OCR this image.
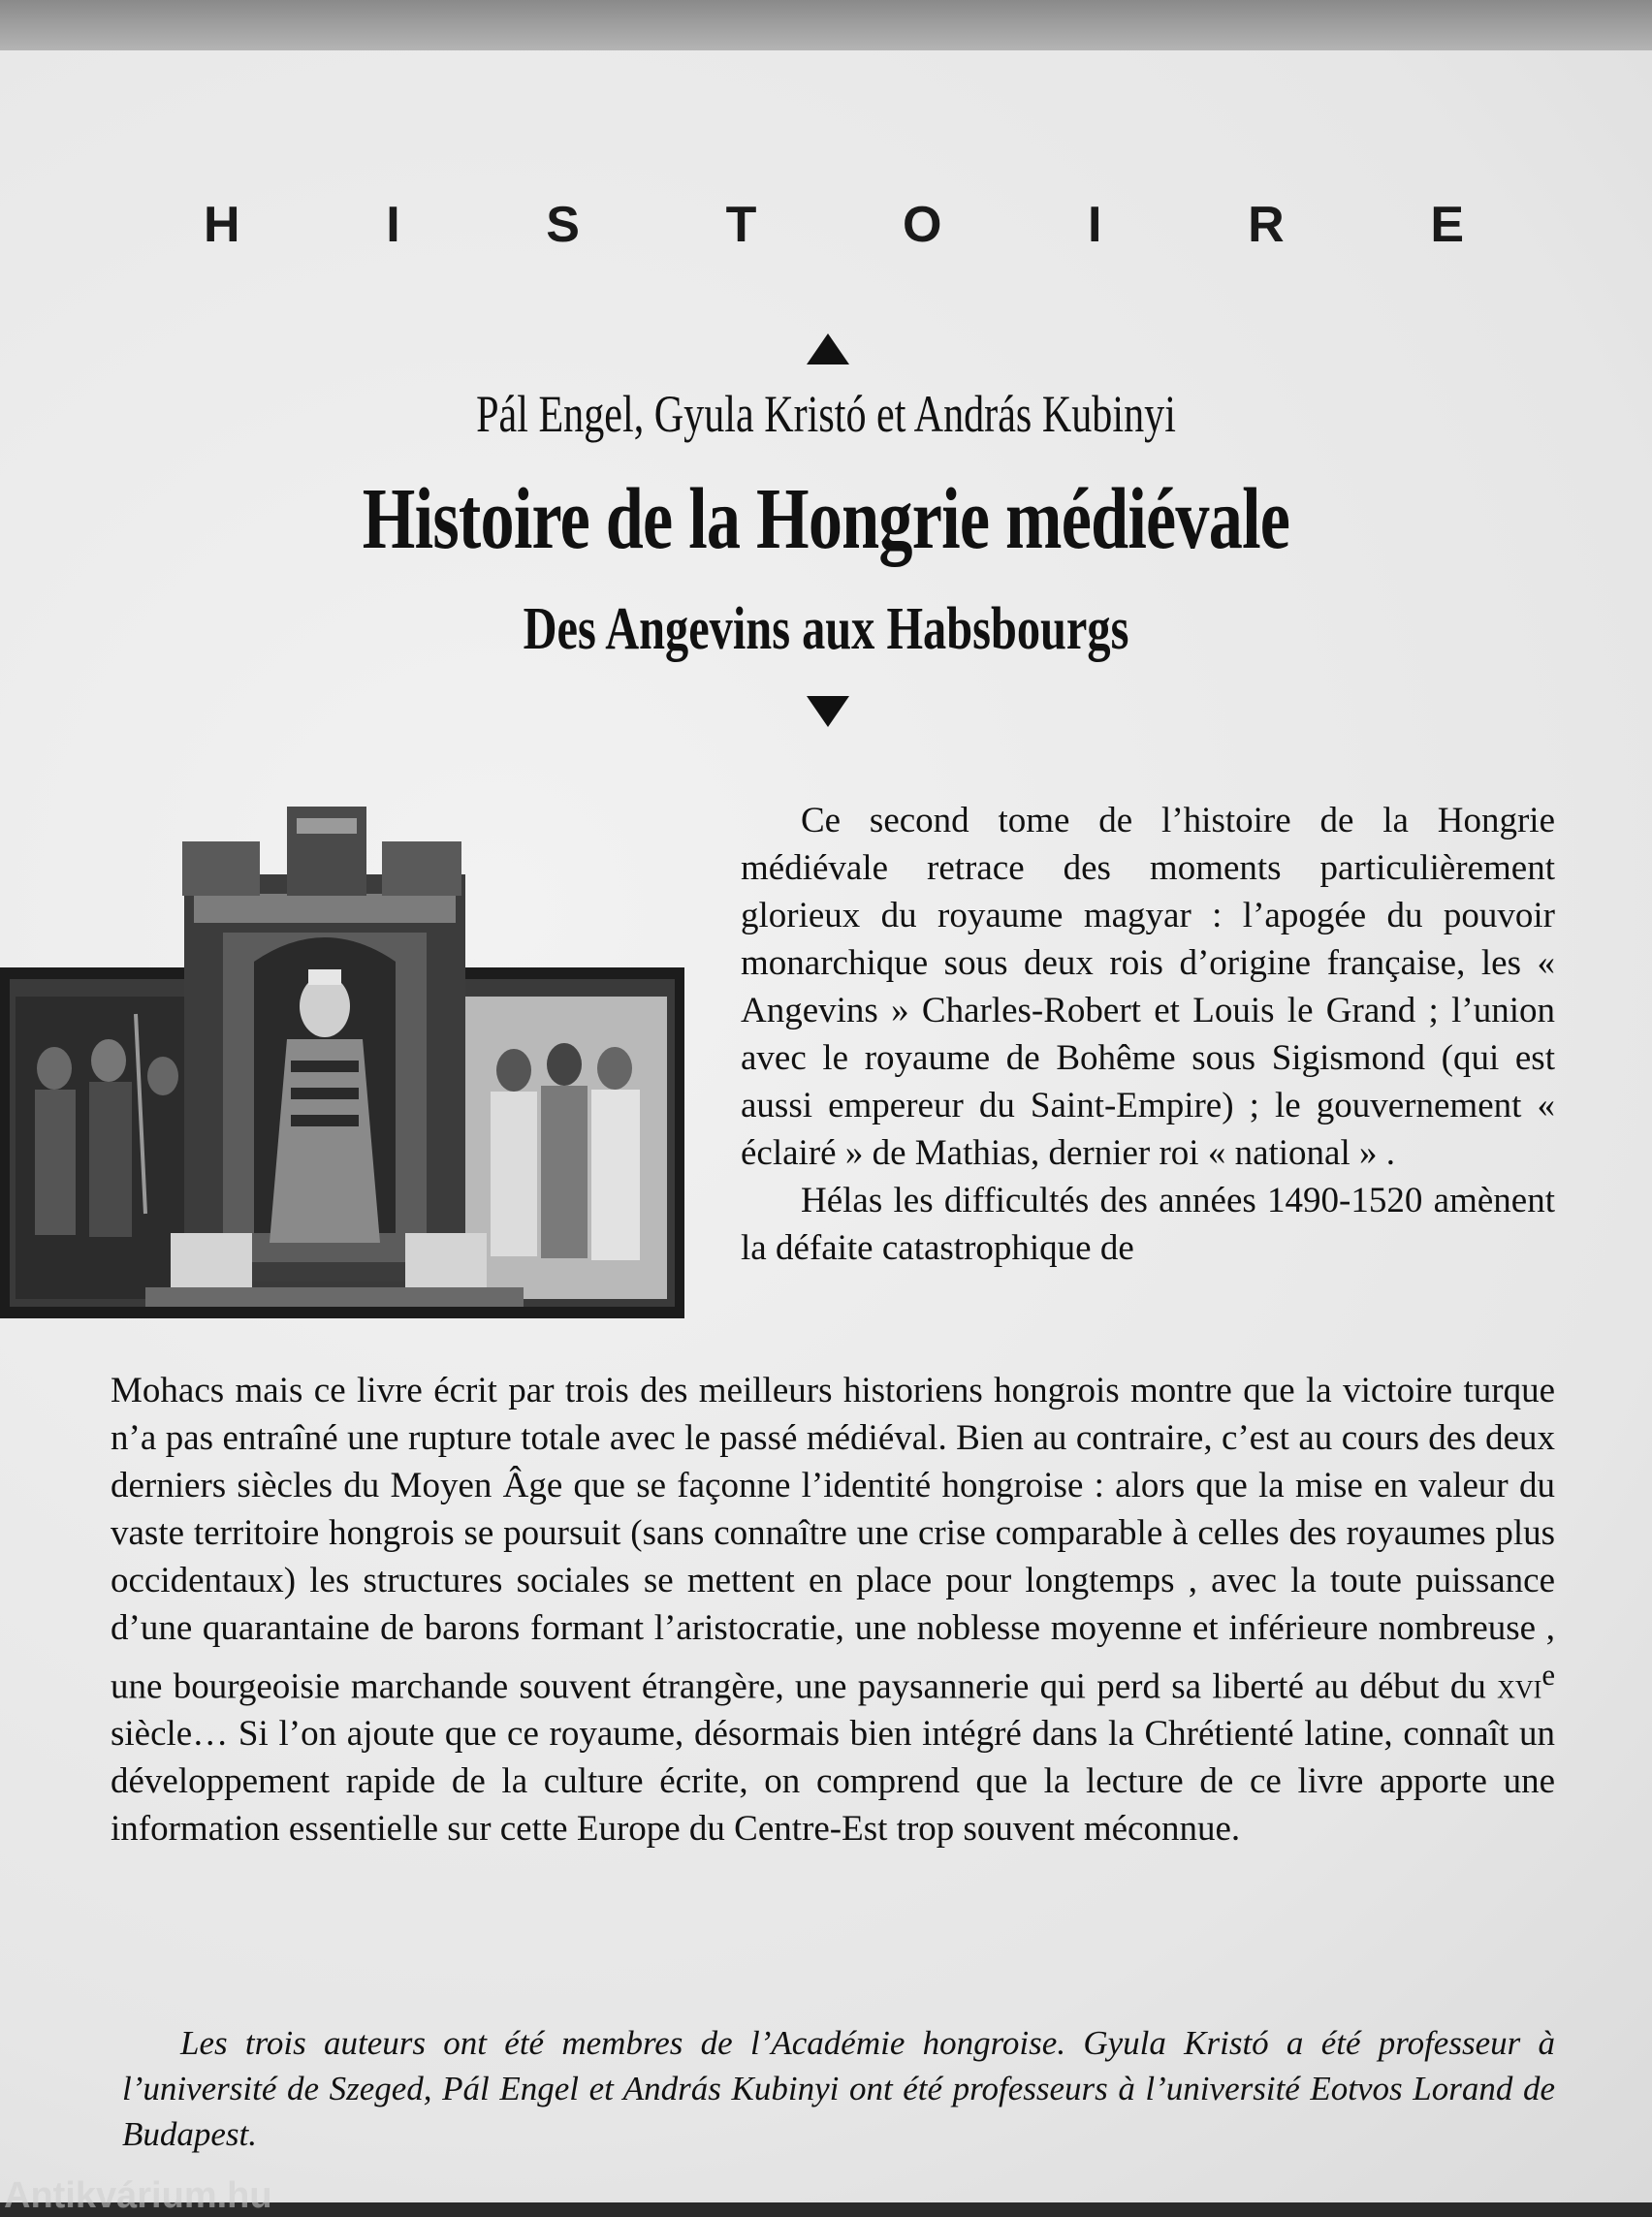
H	I	S	T	O	I	R	E
Pál Engel, Gyula Kristó et András Kubinyi
Histoire de la Hongrie médiévale
Des Angevins aux Habsbourgs

Ce second tome de l’histoire de la Hongrie médiévale retrace des moments particulièrement glorieux du royaume magyar : l’apogée du pouvoir monarchique sous deux rois d’origine française, les « Angevins » Charles-Robert et Louis le Grand ; l’union avec le royaume de Bohême sous Sigismond (qui est aussi empereur du Saint-Empire) ; le gouvernement « éclairé » de Mathias, dernier roi « national » .

Hélas les difficultés des années 1490-1520 amènent la défaite catastrophique de

Mohacs mais ce livre écrit par trois des meilleurs historiens hongrois montre que la victoire turque n’a pas entraîné une rupture totale avec le passé médiéval. Bien au contraire, c’est au cours des deux derniers siècles du Moyen Âge que se façonne l’identité hongroise : alors que la mise en valeur du vaste territoire hongrois se poursuit (sans connaître une crise comparable à celles des royaumes plus occidentaux) les structures sociales se mettent en place pour longtemps , avec la toute puissance d’une quarantaine de barons formant l’aristocratie, une noblesse moyenne et inférieure nombreuse , une bourgeoisie marchande souvent étrangère, une paysannerie qui perd sa liberté au début du xvi$^e$ siècle… Si l’on ajoute que ce royaume, désormais bien intégré dans la Chrétienté latine, connaît un développement rapide de la culture écrite, on comprend que la lecture de ce livre apporte une information essentielle sur cette Europe du Centre-Est trop souvent méconnue.

Les trois auteurs ont été membres de l’Académie hongroise. Gyula Kristó a été professeur à l’université de Szeged, Pál Engel et András Kubinyi ont été professeurs à l’université Eotvos Lorand de Budapest.

Antikvárium.hu
